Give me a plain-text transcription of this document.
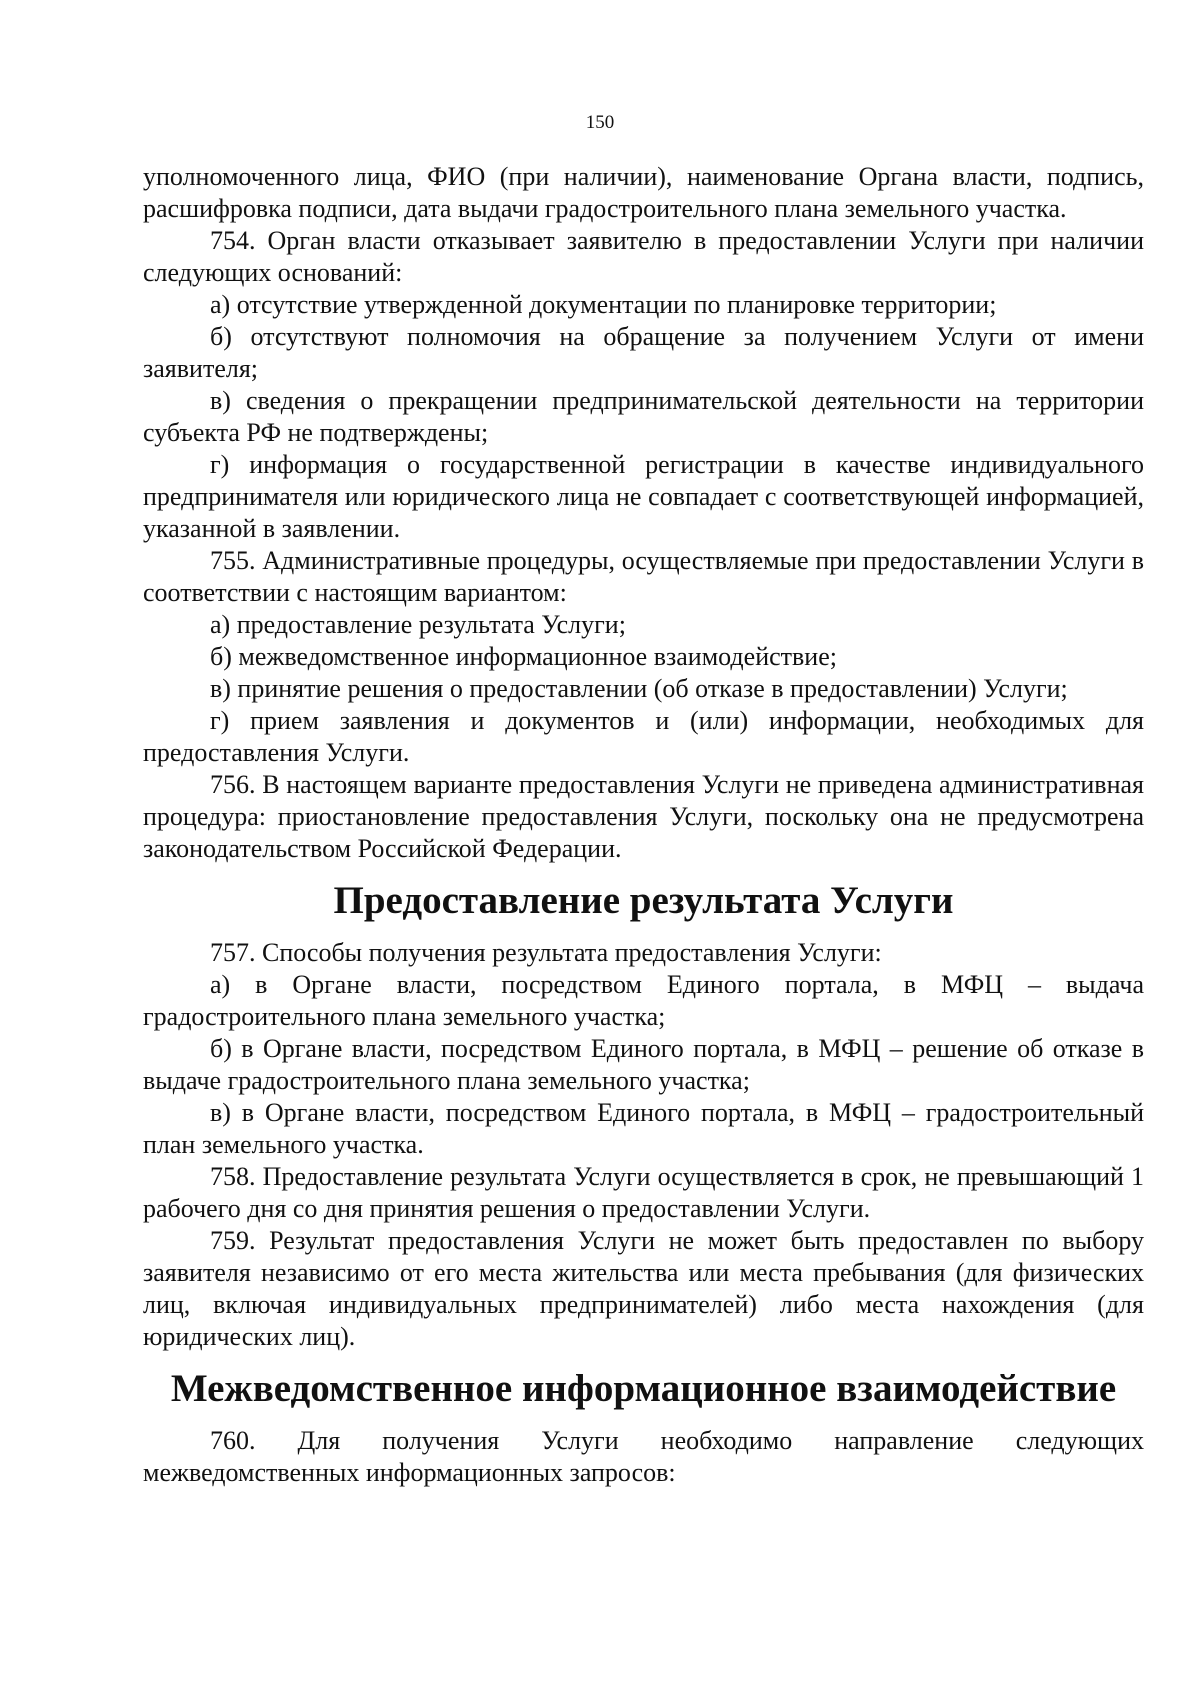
150

уполномоченного лица, ФИО (при наличии), наименование Органа власти, подпись, расшифровка подписи, дата выдачи градостроительного плана земельного участка.

754. Орган власти отказывает заявителю в предоставлении Услуги при наличии следующих оснований:

а) отсутствие утвержденной документации по планировке территории;

б) отсутствуют полномочия на обращение за получением Услуги от имени заявителя;

в) сведения о прекращении предпринимательской деятельности на территории субъекта РФ не подтверждены;

г) информация о государственной регистрации в качестве индивидуального предпринимателя или юридического лица не совпадает с соответствующей информацией, указанной в заявлении.

755. Административные процедуры, осуществляемые при предоставлении Услуги в соответствии с настоящим вариантом:

а) предоставление результата Услуги;

б) межведомственное информационное взаимодействие;

в) принятие решения о предоставлении (об отказе в предоставлении) Услуги;

г) прием заявления и документов и (или) информации, необходимых для предоставления Услуги.

756. В настоящем варианте предоставления Услуги не приведена административная процедура: приостановление предоставления Услуги, поскольку она не предусмотрена законодательством Российской Федерации.

Предоставление результата Услуги

757. Способы получения результата предоставления Услуги:

а) в Органе власти, посредством Единого портала, в МФЦ – выдача градостроительного плана земельного участка;

б) в Органе власти, посредством Единого портала, в МФЦ – решение об отказе в выдаче градостроительного плана земельного участка;

в) в Органе власти, посредством Единого портала, в МФЦ – градостроительный план земельного участка.

758. Предоставление результата Услуги осуществляется в срок, не превышающий 1 рабочего дня со дня принятия решения о предоставлении Услуги.

759. Результат предоставления Услуги не может быть предоставлен по выбору заявителя независимо от его места жительства или места пребывания (для физических лиц, включая индивидуальных предпринимателей) либо места нахождения (для юридических лиц).

Межведомственное информационное взаимодействие

760. Для получения Услуги необходимо направление следующих межведомственных информационных запросов:
